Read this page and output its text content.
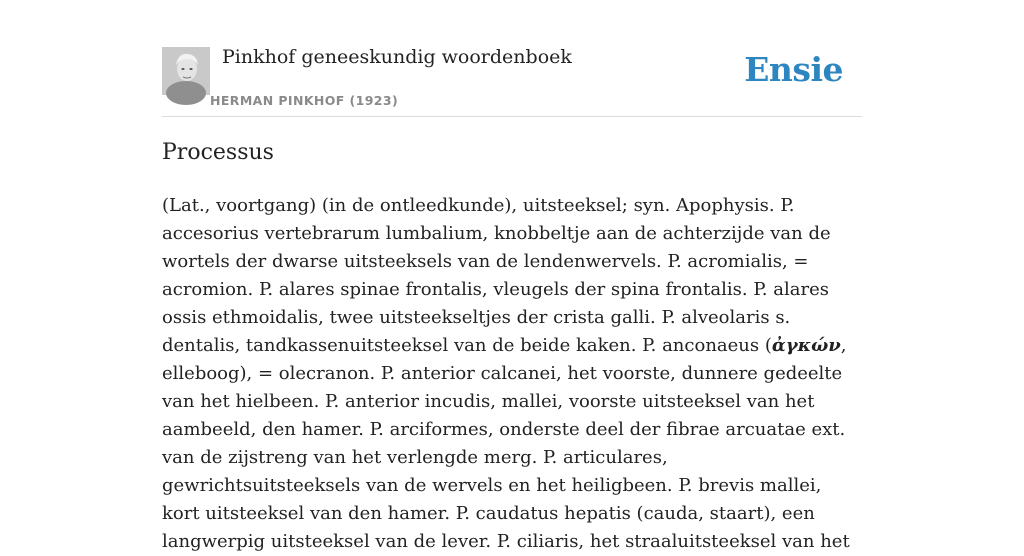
Pinkhof geneeskundig woordenboek
HERMAN PINKHOF (1923)
Ensie
Processus

(Lat., voortgang) (in de ontleedkunde), uitsteeksel; syn. Apophysis. P. accesorius vertebrarum lumbalium, knobbeltje aan de achterzijde van de wortels der dwarse uitsteeksels van de lendenwervels. P. acromialis, = acromion. P. alares spinae frontalis, vleugels der spina frontalis. P. alares ossis ethmoidalis, twee uitsteekseltjes der crista galli. P. alveolaris s. dentalis, tandkassenuitsteeksel van de beide kaken. P. anconaeus (ἀγκών, elleboog), = olecranon. P. anterior calcanei, het voorste, dunnere gedeelte van het hielbeen. P. anterior incudis, mallei, voorste uitsteeksel van het aambeeld, den hamer. P. arciformes, onderste deel der fibrae arcuatae ext. van de zijstreng van het verlengde merg. P. articulares, gewrichtsuitsteeksels van de wervels en het heiligbeen. P. brevis mallei, kort uitsteeksel van den hamer. P. caudatus hepatis (cauda, staart), een langwerpig uitsteeksel van de lever. P. ciliaris, het straaluitsteeksel van het
